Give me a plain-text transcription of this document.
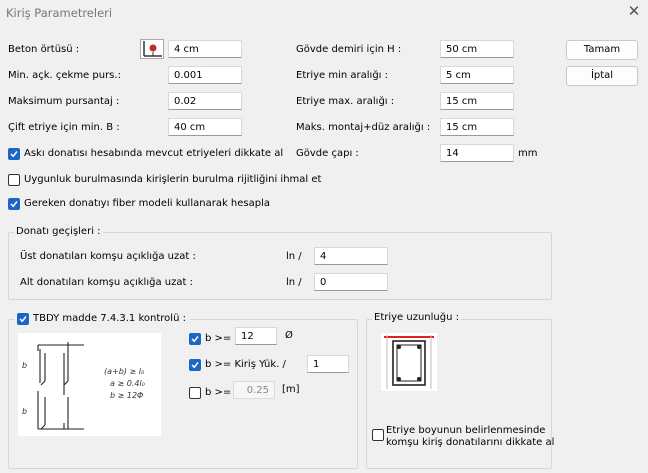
Kiriş Parametreleri	✕
Beton örtüsü :	4 cm
Min. açk. çekme purs.:	0.001
Maksimum pursantaj :	0.02
Çift etriye için min. B :	40 cm
Gövde demiri için H :	50 cm
Etriye min aralığı :	5 cm
Etriye max. aralığı :	15 cm
Maks. montaj+düz aralığı :	15 cm
Gövde çapı :	14	mm
Tamam
İptal
Askı donatısı hesabında mevcut etriyeleri dikkate al
Uygunluk burulmasında kirişlerin burulma rijitliğini ihmal et
Gereken donatıyı fiber modeli kullanarak hesapla
Donatı geçişleri :
Üst donatıları komşu açıklığa uzat :	ln /	4
Alt donatıları komşu açıklığa uzat :	ln /	0
TBDY madde 7.4.3.1 kontrolü :
b
b
(a+b) ≥ l₀
a ≥ 0.4l₀
b ≥ 12Φ
b >= 12	Ø
b >= Kiriş Yük. /	1
b >=	0.25	[m]
Etriye uzunluğu :
Etriye boyunun belirlenmesinde
komşu kiriş donatılarını dikkate al
